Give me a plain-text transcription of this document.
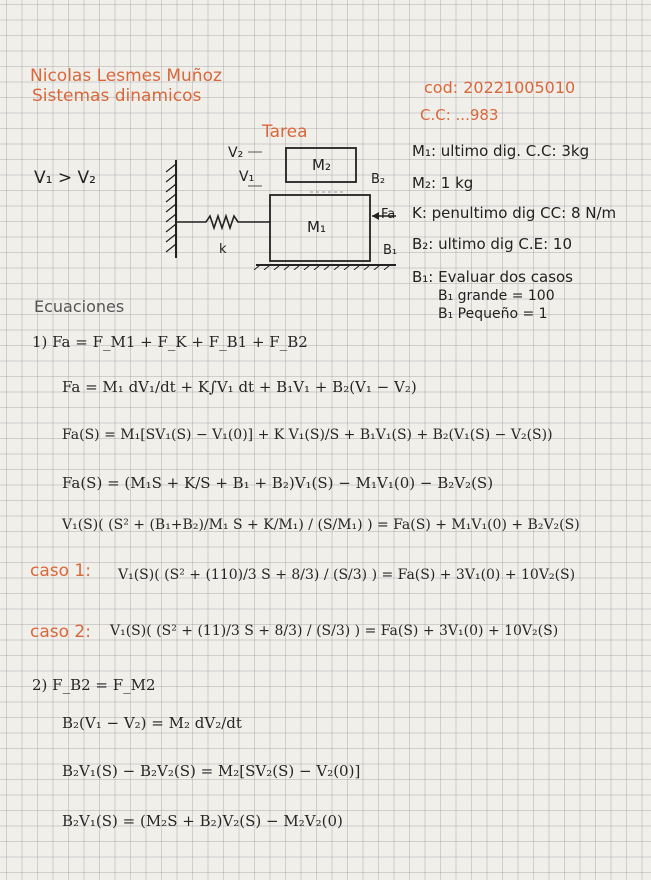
Nicolas Lesmes Muñoz
Sistemas dinamicos	cod: 20221005010
C.C: ...983
Tarea
V₁ > V₂
V₂
V₁
M₂
M₁
B₂
Fa
B₁
k
M₁: ultimo dig. C.C: 3kg
M₂: 1 kg
K: penultimo dig CC: 8 N/m
B₂: ultimo dig C.E: 10
B₁: Evaluar dos casos
B₁ grande = 100
B₁ Pequeño = 1
Ecuaciones
1) Fa = F_M1 + F_K + F_B1 + F_B2
Fa = M₁ dV₁/dt + K∫V₁ dt + B₁V₁ + B₂(V₁ − V₂)
Fa(S) = M₁[SV₁(S) − V₁(0)] + K V₁(S)/S + B₁V₁(S) + B₂(V₁(S) − V₂(S))
Fa(S) = (M₁S + K/S + B₁ + B₂)V₁(S) − M₁V₁(0) − B₂V₂(S)
V₁(S)( (S² + (B₁+B₂)/M₁ S + K/M₁) / (S/M₁) ) = Fa(S) + M₁V₁(0) + B₂V₂(S)
caso 1: V₁(S)( (S² + (110)/3 S + 8/3) / (S/3) ) = Fa(S) + 3V₁(0) + 10V₂(S)
caso 2: V₁(S)( (S² + (11)/3 S + 8/3) / (S/3) ) = Fa(S) + 3V₁(0) + 10V₂(S)
2) F_B2 = F_M2
B₂(V₁ − V₂) = M₂ dV₂/dt
B₂V₁(S) − B₂V₂(S) = M₂[SV₂(S) − V₂(0)]
B₂V₁(S) = (M₂S + B₂)V₂(S) − M₂V₂(0)
